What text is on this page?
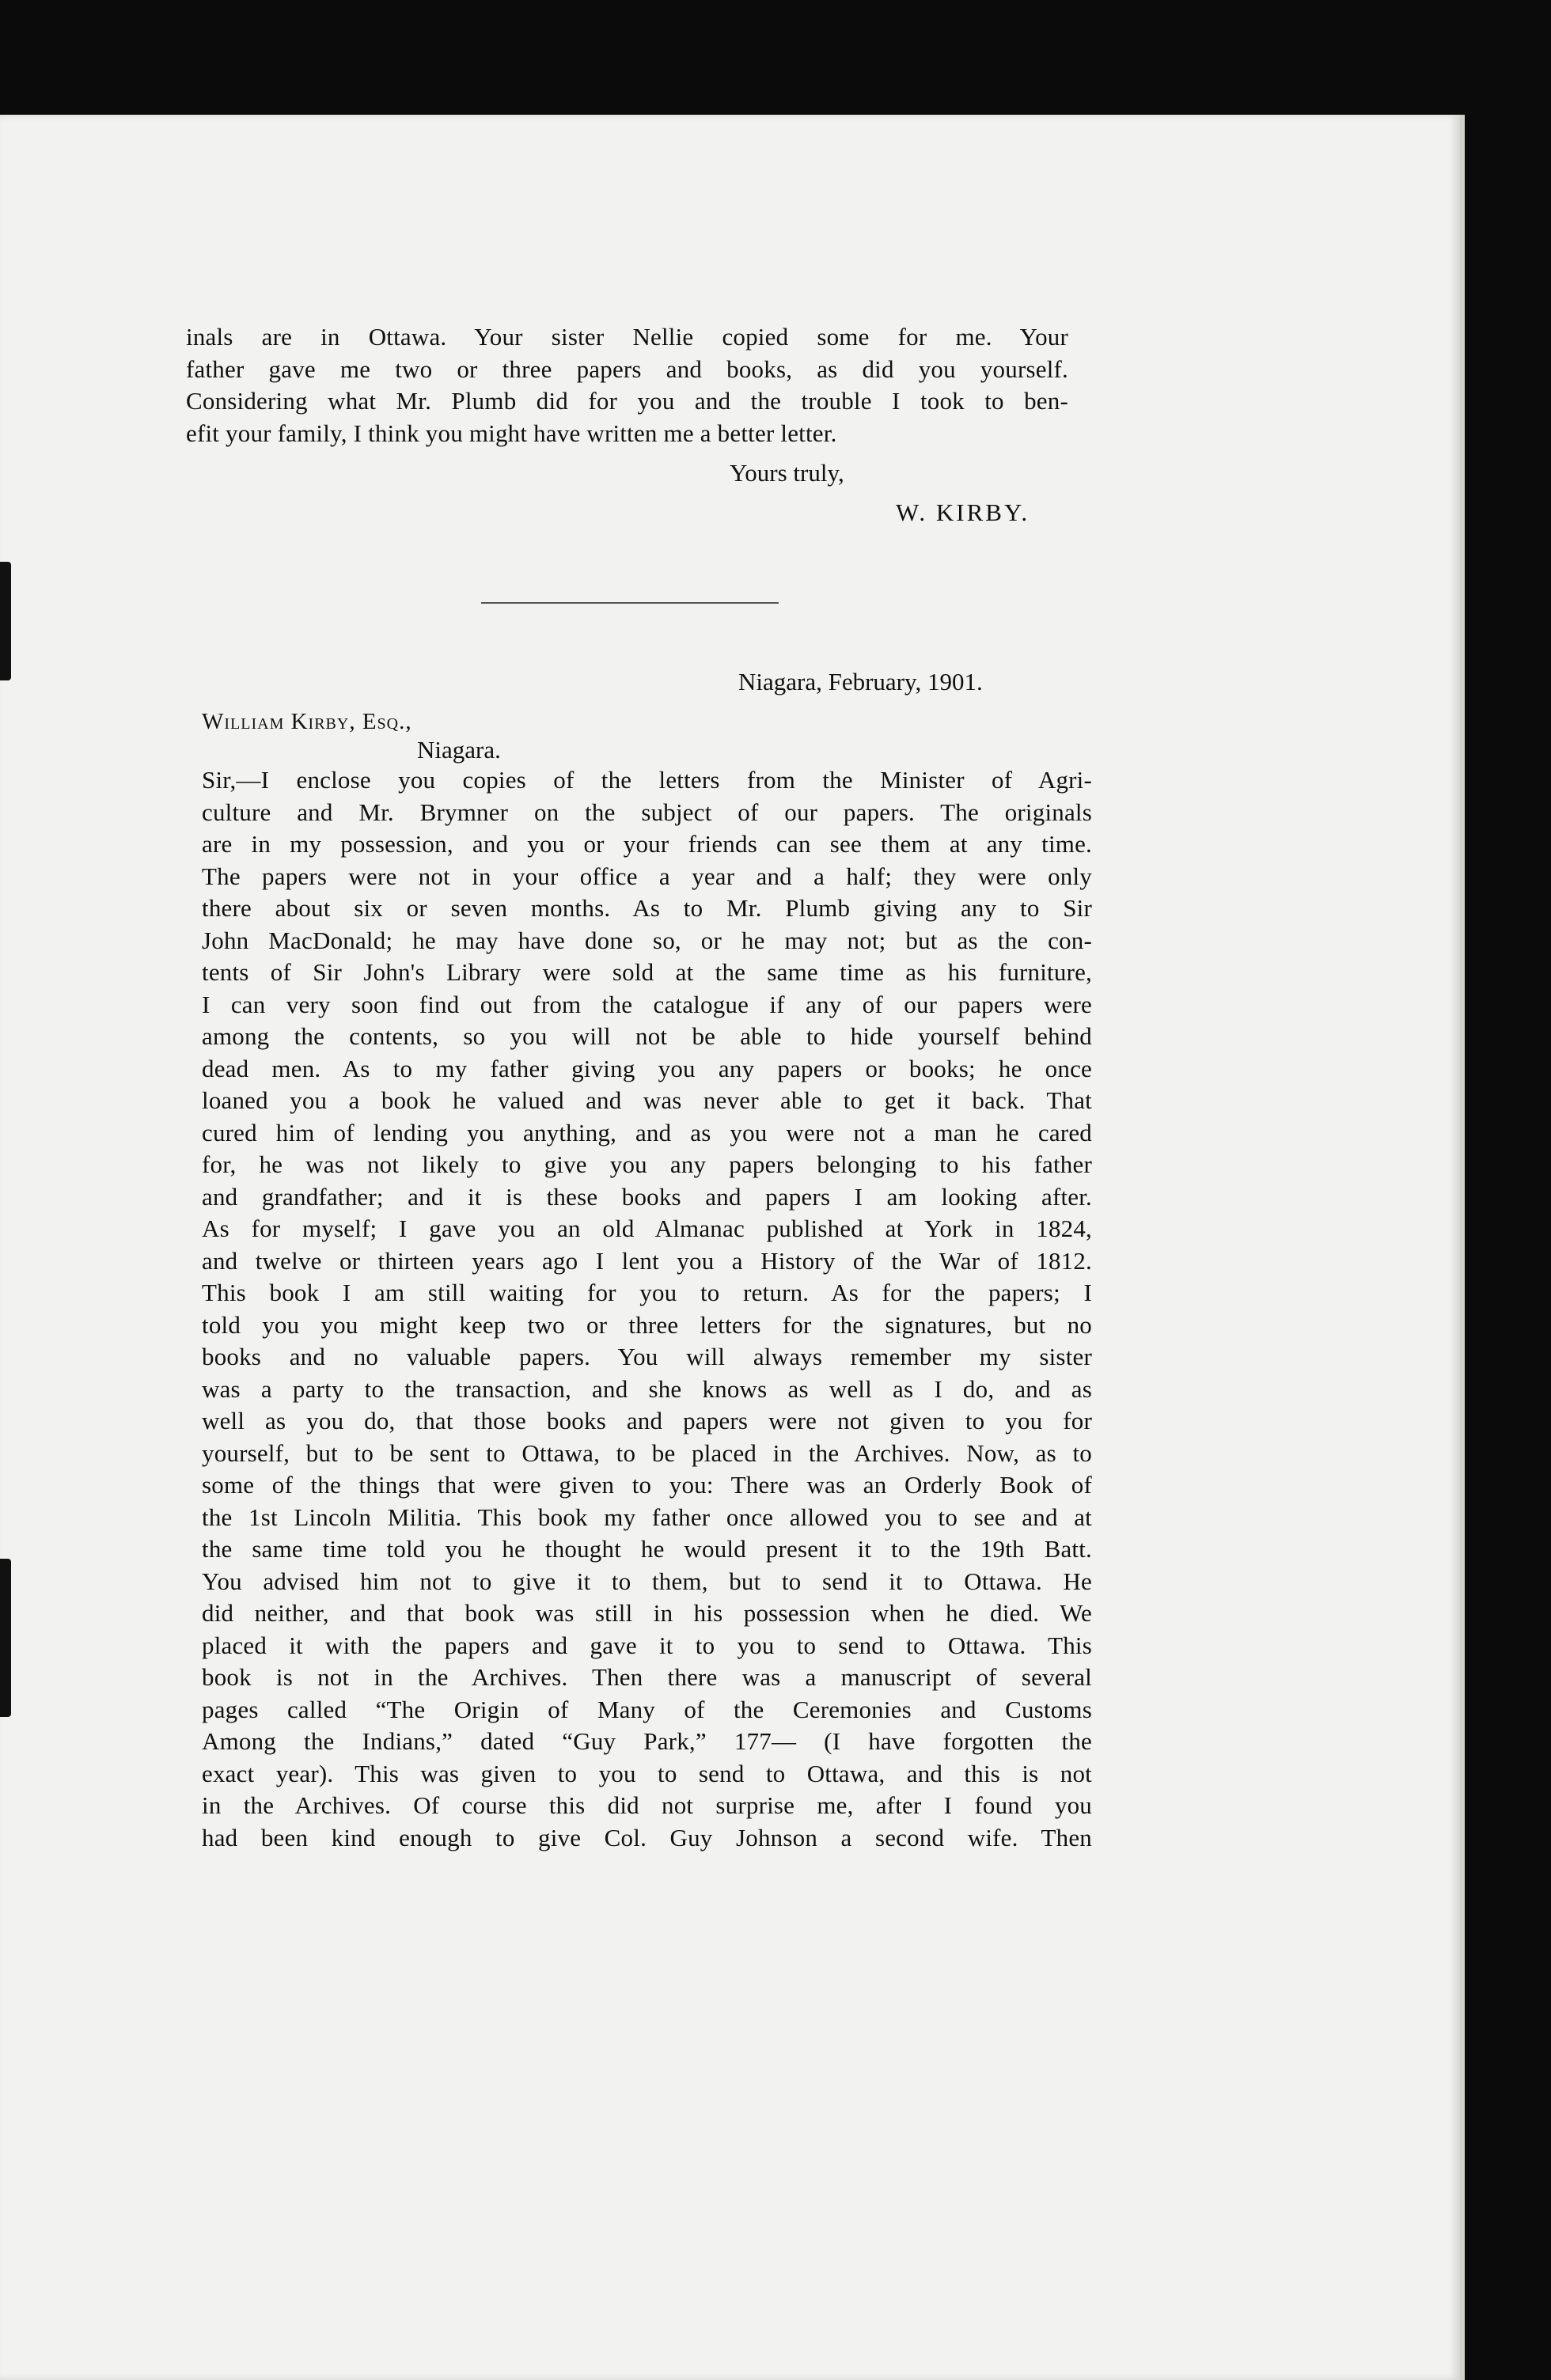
inals are in Ottawa. Your sister Nellie copied some for me. Your
father gave me two or three papers and books, as did you yourself.
Considering what Mr. Plumb did for you and the trouble I took to ben-
efit your family, I think you might have written me a better letter.
Yours truly,
W. KIRBY.
Niagara, February, 1901.
William Kirby, Esq.,
Niagara.
Sir,—I enclose you copies of the letters from the Minister of Agri-
culture and Mr. Brymner on the subject of our papers. The originals
are in my possession, and you or your friends can see them at any time.
The papers were not in your office a year and a half; they were only
there about six or seven months. As to Mr. Plumb giving any to Sir
John MacDonald; he may have done so, or he may not; but as the con-
tents of Sir John's Library were sold at the same time as his furniture,
I can very soon find out from the catalogue if any of our papers were
among the contents, so you will not be able to hide yourself behind
dead men. As to my father giving you any papers or books; he once
loaned you a book he valued and was never able to get it back. That
cured him of lending you anything, and as you were not a man he cared
for, he was not likely to give you any papers belonging to his father
and grandfather; and it is these books and papers I am looking after.
As for myself; I gave you an old Almanac published at York in 1824,
and twelve or thirteen years ago I lent you a History of the War of 1812.
This book I am still waiting for you to return. As for the papers; I
told you you might keep two or three letters for the signatures, but no
books and no valuable papers. You will always remember my sister
was a party to the transaction, and she knows as well as I do, and as
well as you do, that those books and papers were not given to you for
yourself, but to be sent to Ottawa, to be placed in the Archives. Now, as to
some of the things that were given to you: There was an Orderly Book of
the 1st Lincoln Militia. This book my father once allowed you to see and at
the same time told you he thought he would present it to the 19th Batt.
You advised him not to give it to them, but to send it to Ottawa. He
did neither, and that book was still in his possession when he died. We
placed it with the papers and gave it to you to send to Ottawa. This
book is not in the Archives. Then there was a manuscript of several
pages called “The Origin of Many of the Ceremonies and Customs
Among the Indians,” dated “Guy Park,” 177— (I have forgotten the
exact year). This was given to you to send to Ottawa, and this is not
in the Archives. Of course this did not surprise me, after I found you
had been kind enough to give Col. Guy Johnson a second wife. Then
